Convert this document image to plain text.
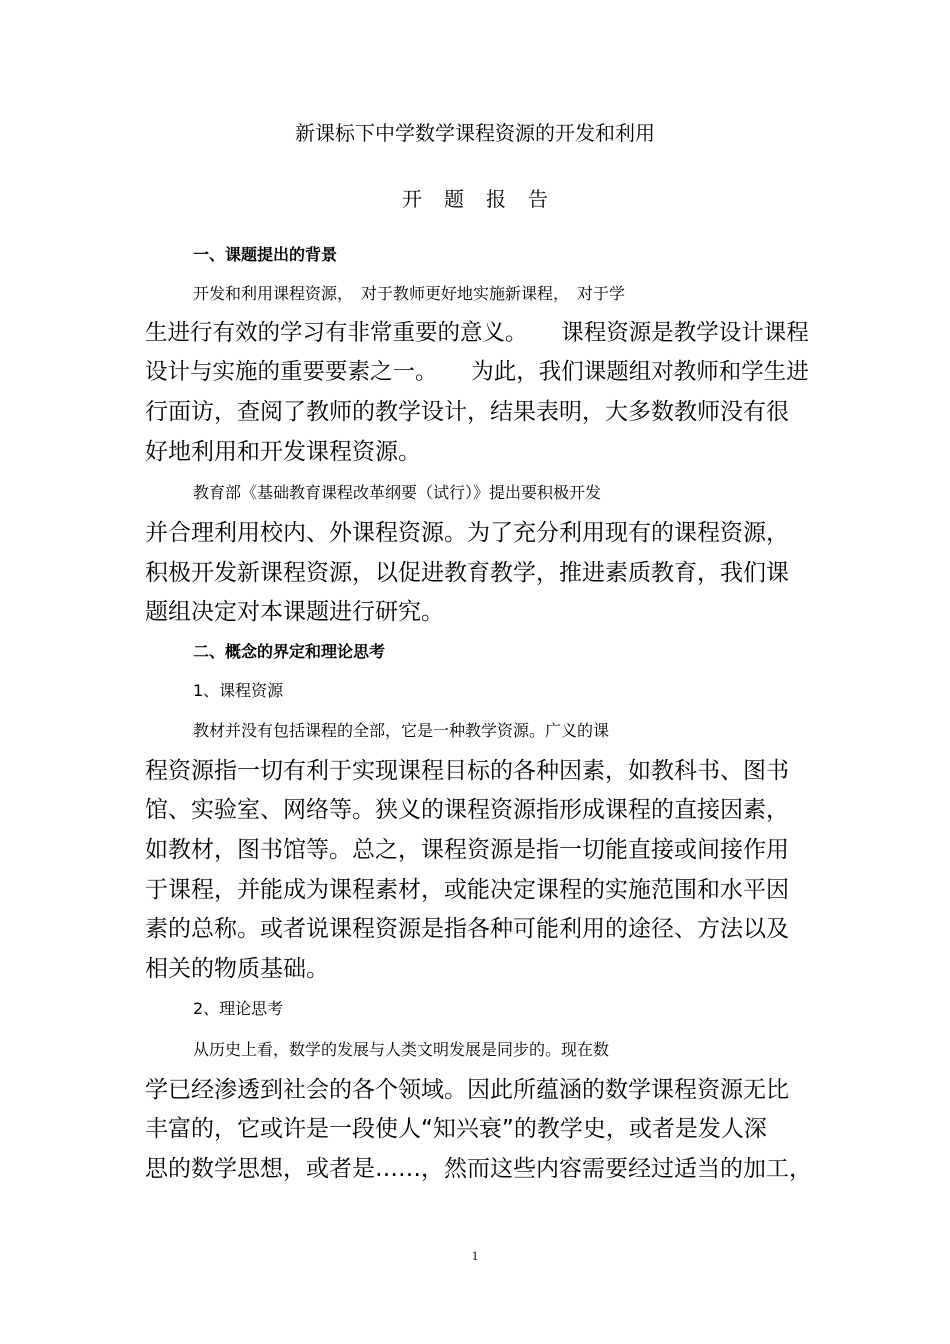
新课标下中学数学课程资源的开发和利用
开题报告
一、课题提出的背景
开发和利用课程资源，　对于教师更好地实施新课程，　对于学
生进行有效的学习有非常重要的意义。　　课程资源是教学设计课程
设计与实施的重要要素之一。　　为此，我们课题组对教师和学生进
行面访，查阅了教师的教学设计，结果表明，大多数教师没有很
好地利用和开发课程资源。
教育部《基础教育课程改革纲要（试行）》提出要积极开发
并合理利用校内、外课程资源。为了充分利用现有的课程资源，
积极开发新课程资源，以促进教育教学，推进素质教育，我们课
题组决定对本课题进行研究。
二、概念的界定和理论思考
1、课程资源
教材并没有包括课程的全部，它是一种教学资源。广义的课
程资源指一切有利于实现课程目标的各种因素，如教科书、图书
馆、实验室、网络等。狭义的课程资源指形成课程的直接因素，
如教材，图书馆等。总之，课程资源是指一切能直接或间接作用
于课程，并能成为课程素材，或能决定课程的实施范围和水平因
素的总称。或者说课程资源是指各种可能利用的途径、方法以及
相关的物质基础。
2、理论思考
从历史上看，数学的发展与人类文明发展是同步的。现在数
学已经渗透到社会的各个领域。因此所蕴涵的数学课程资源无比
丰富的，它或许是一段使人“知兴衰”的教学史，或者是发人深
思的数学思想，或者是……，然而这些内容需要经过适当的加工，
1
